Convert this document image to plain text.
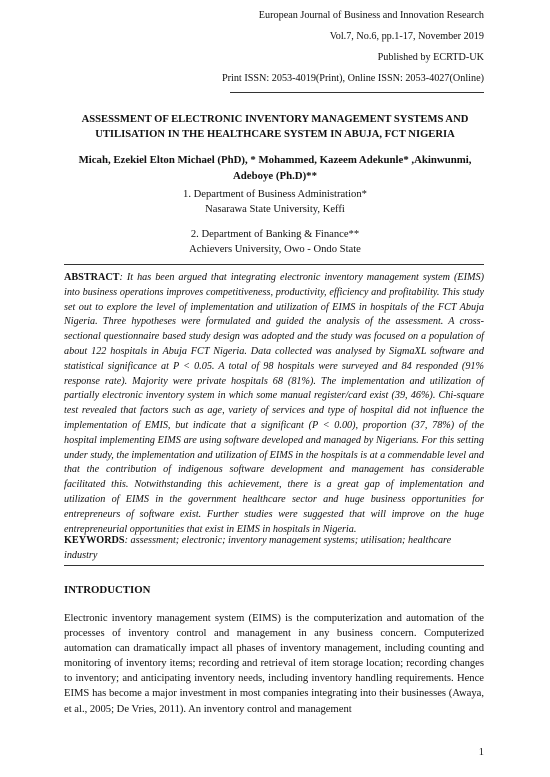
European Journal of Business and Innovation Research
Vol.7, No.6, pp.1-17, November 2019
Published by ECRTD-UK
Print ISSN: 2053-4019(Print), Online ISSN: 2053-4027(Online)
ASSESSMENT OF ELECTRONIC INVENTORY MANAGEMENT SYSTEMS AND UTILISATION IN THE HEALTHCARE SYSTEM IN ABUJA, FCT NIGERIA
Micah, Ezekiel Elton Michael (PhD), * Mohammed, Kazeem Adekunle* ,Akinwunmi, Adeboye (Ph.D)**
1. Department of Business Administration*
Nasarawa State University, Keffi
2. Department of Banking & Finance**
Achievers University, Owo - Ondo State
ABSTRACT: It has been argued that integrating electronic inventory management system (EIMS) into business operations improves competitiveness, productivity, efficiency and profitability. This study set out to explore the level of implementation and utilization of EIMS in hospitals of the FCT Abuja Nigeria. Three hypotheses were formulated and guided the analysis of the assessment. A cross-sectional questionnaire based study design was adopted and the study was focused on a population of about 122 hospitals in Abuja FCT Nigeria. Data collected was analysed by SigmaXL software and statistical significance at P < 0.05. A total of 98 hospitals were surveyed and 84 responded (91% response rate). Majority were private hospitals 68 (81%). The implementation and utilization of partially electronic inventory system in which some manual register/card exist (39, 46%). Chi-square test revealed that factors such as age, variety of services and type of hospital did not influence the implementation of EMIS, but indicate that a significant (P < 0.00), proportion (37, 78%) of the hospital implementing EIMS are using software developed and managed by Nigerians. For this setting under study, the implementation and utilization of EIMS in the hospitals is at a commendable level and that the contribution of indigenous software development and management has considerable facilitated this. Notwithstanding this achievement, there is a great gap of implementation and utilization of EIMS in the government healthcare sector and huge business opportunities for entrepreneurs of software exist. Further studies were suggested that will improve on the huge entrepreneurial opportunities that exist in EIMS in hospitals in Nigeria.
KEYWORDS: assessment; electronic; inventory management systems; utilisation; healthcare industry
INTRODUCTION
Electronic inventory management system (EIMS) is the computerization and automation of the processes of inventory control and management in any business concern. Computerized automation can dramatically impact all phases of inventory management, including counting and monitoring of inventory items; recording and retrieval of item storage location; recording changes to inventory; and anticipating inventory needs, including inventory handling requirements. Hence EIMS has become a major investment in most companies integrating into their businesses (Awaya, et al., 2005; De Vries, 2011). An inventory control and management
1
